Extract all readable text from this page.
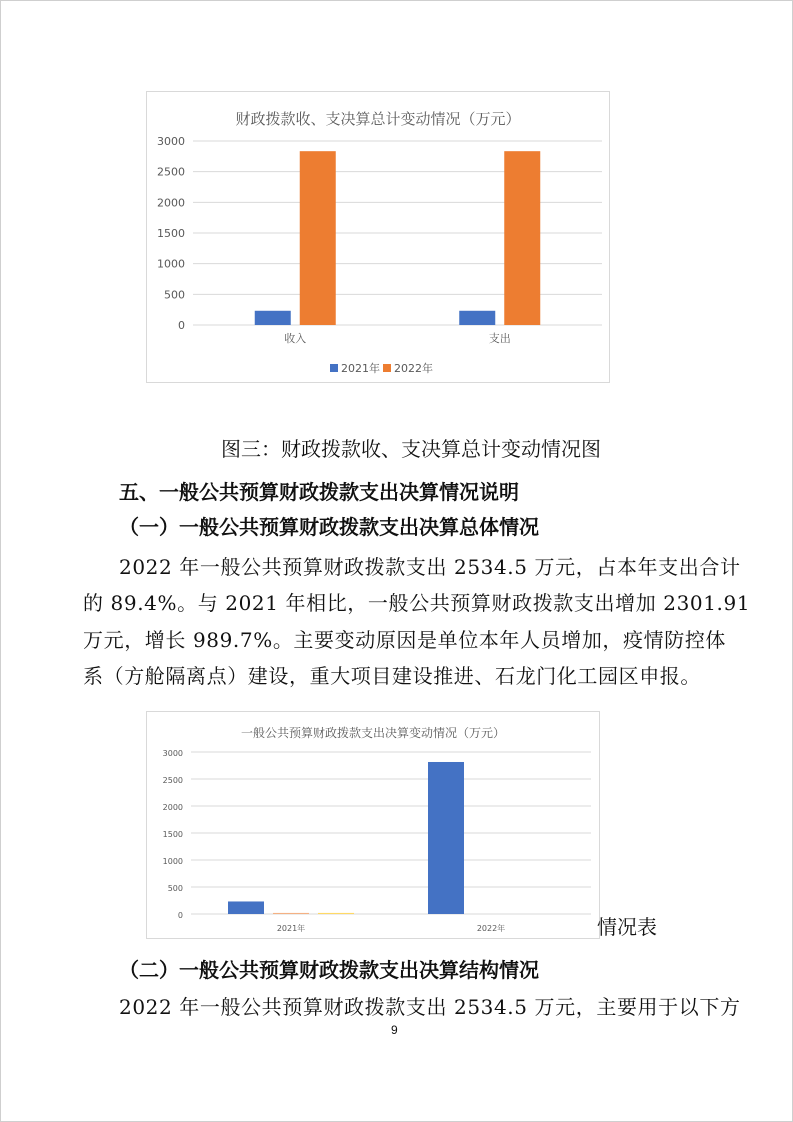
财政拨款收、支决算总计变动情况（万元）
0
500
1000
1500
2000
2500
3000
收入	支出
2021年 2022年
图三：财政拨款收、支决算总计变动情况图
五、一般公共预算财政拨款支出决算情况说明
（一）一般公共预算财政拨款支出决算总体情况
2022 年一般公共预算财政拨款支出 2534.5 万元，占本年支出合计
的 89.4%。与 2021 年相比，一般公共预算财政拨款支出增加 2301.91
万元，增长 989.7%。主要变动原因是单位本年人员增加，疫情防控体
系（方舱隔离点）建设，重大项目建设推进、石龙门化工园区申报。
一般公共预算财政拨款支出决算变动情况（万元）
0
500
1000
1500
2000
2500
3000
2021年	2022年	情况表
（二）一般公共预算财政拨款支出决算结构情况
2022 年一般公共预算财政拨款支出 2534.5 万元，主要用于以下方
9
